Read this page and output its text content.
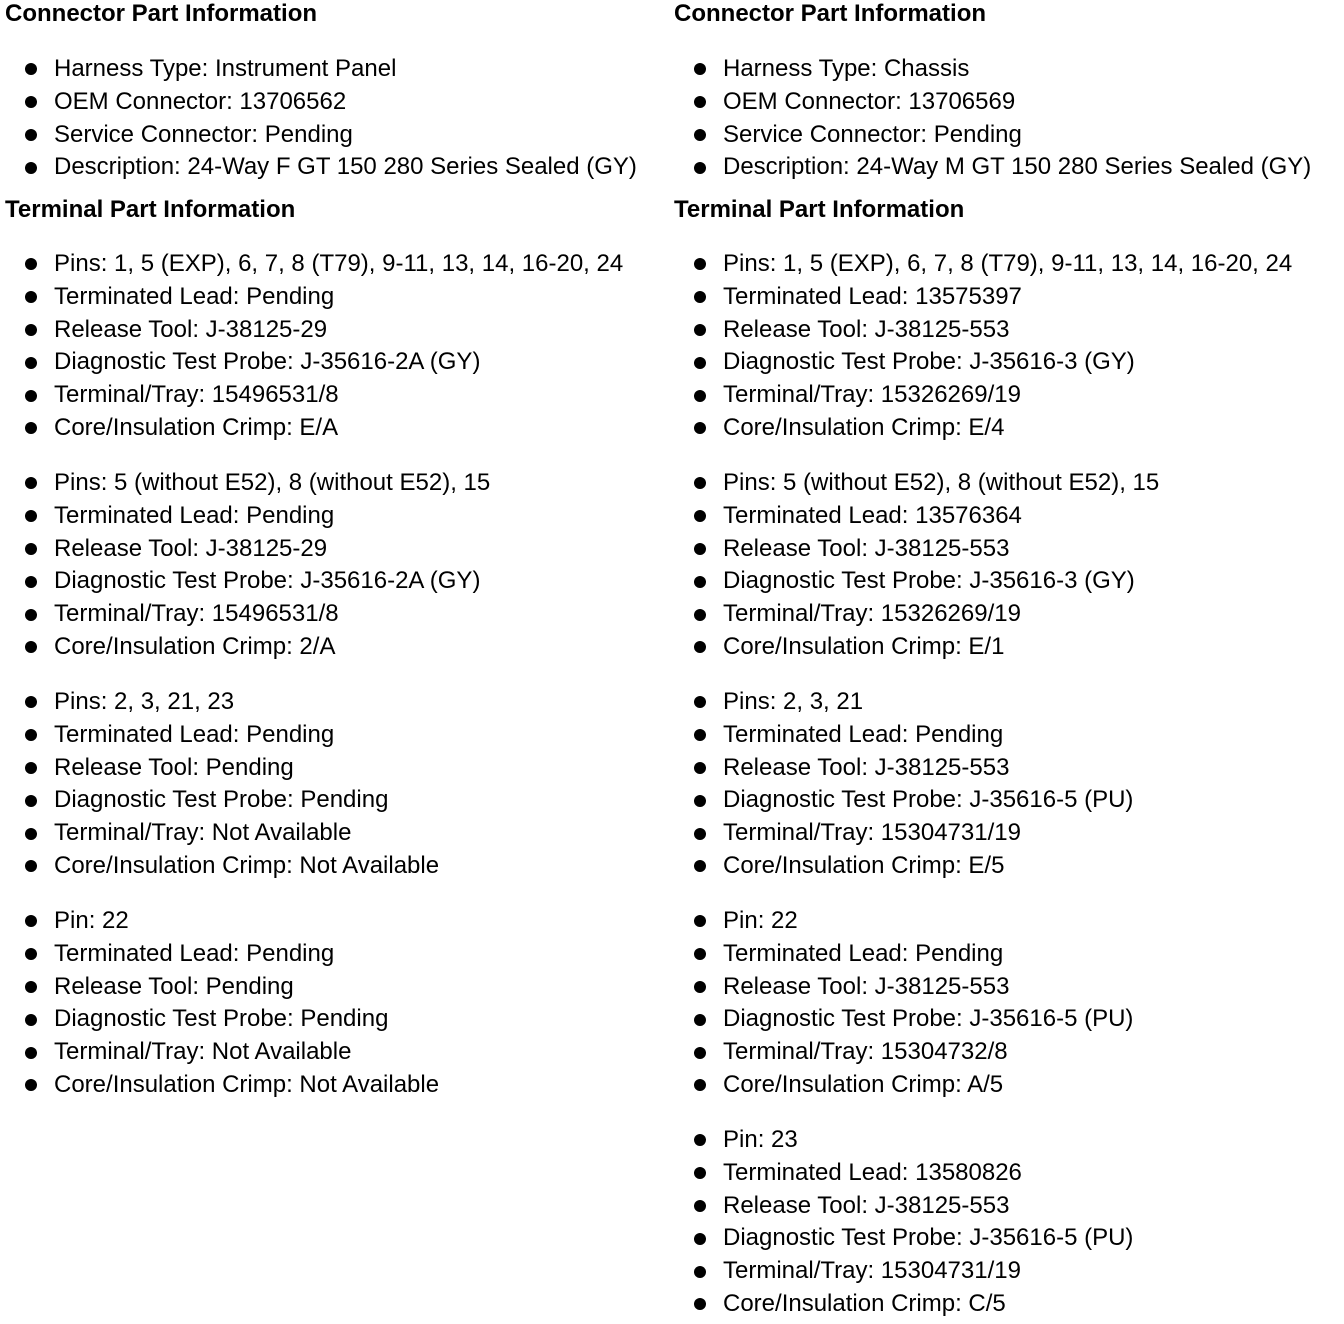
Connector Part Information
Harness Type: Instrument Panel
OEM Connector: 13706562
Service Connector: Pending
Description: 24-Way F GT 150 280 Series Sealed (GY)
Terminal Part Information
Pins: 1, 5 (EXP), 6, 7, 8 (T79), 9-11, 13, 14, 16-20, 24
Terminated Lead: Pending
Release Tool: J-38125-29
Diagnostic Test Probe: J-35616-2A (GY)
Terminal/Tray: 15496531/8
Core/Insulation Crimp: E/A
Pins: 5 (without E52), 8 (without E52), 15
Terminated Lead: Pending
Release Tool: J-38125-29
Diagnostic Test Probe: J-35616-2A (GY)
Terminal/Tray: 15496531/8
Core/Insulation Crimp: 2/A
Pins: 2, 3, 21, 23
Terminated Lead: Pending
Release Tool: Pending
Diagnostic Test Probe: Pending
Terminal/Tray: Not Available
Core/Insulation Crimp: Not Available
Pin: 22
Terminated Lead: Pending
Release Tool: Pending
Diagnostic Test Probe: Pending
Terminal/Tray: Not Available
Core/Insulation Crimp: Not Available
Connector Part Information
Harness Type: Chassis
OEM Connector: 13706569
Service Connector: Pending
Description: 24-Way M GT 150 280 Series Sealed (GY)
Terminal Part Information
Pins: 1, 5 (EXP), 6, 7, 8 (T79), 9-11, 13, 14, 16-20, 24
Terminated Lead: 13575397
Release Tool: J-38125-553
Diagnostic Test Probe: J-35616-3 (GY)
Terminal/Tray: 15326269/19
Core/Insulation Crimp: E/4
Pins: 5 (without E52), 8 (without E52), 15
Terminated Lead: 13576364
Release Tool: J-38125-553
Diagnostic Test Probe: J-35616-3 (GY)
Terminal/Tray: 15326269/19
Core/Insulation Crimp: E/1
Pins: 2, 3, 21
Terminated Lead: Pending
Release Tool: J-38125-553
Diagnostic Test Probe: J-35616-5 (PU)
Terminal/Tray: 15304731/19
Core/Insulation Crimp: E/5
Pin: 22
Terminated Lead: Pending
Release Tool: J-38125-553
Diagnostic Test Probe: J-35616-5 (PU)
Terminal/Tray: 15304732/8
Core/Insulation Crimp: A/5
Pin: 23
Terminated Lead: 13580826
Release Tool: J-38125-553
Diagnostic Test Probe: J-35616-5 (PU)
Terminal/Tray: 15304731/19
Core/Insulation Crimp: C/5
